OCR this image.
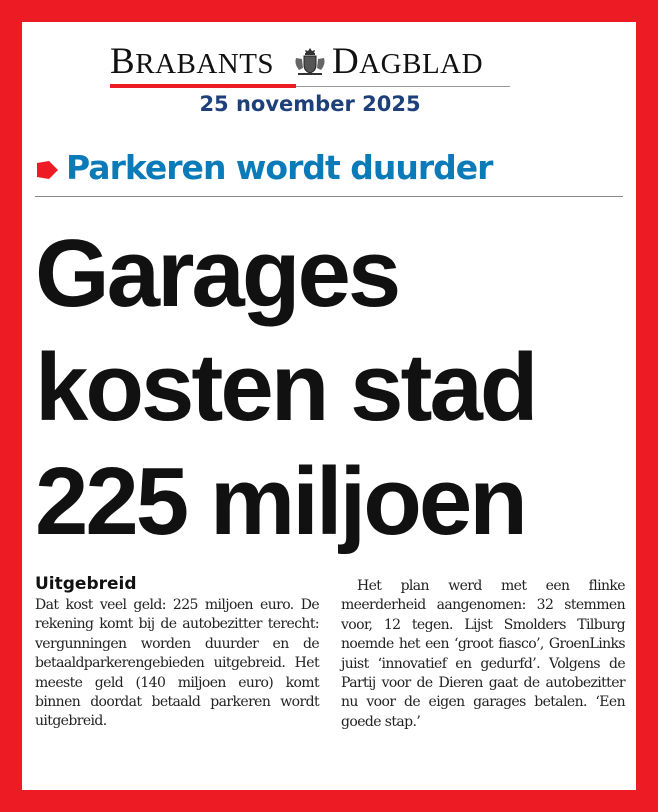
BRABANTS DAGBLAD
25 november 2025
Parkeren wordt duurder
Garages
kosten stad
225 miljoen
Uitgebreid
Dat kost veel geld: 225 miljoen euro. De rekening komt bij de autobezitter terecht: vergunningen worden duurder en de betaaldparkerengebieden uitgebreid. Het meeste geld (140 miljoen euro) komt binnen doordat betaald parkeren wordt uitgebreid.
Het plan werd met een flinke meerderheid aangenomen: 32 stemmen voor, 12 tegen. Lijst Smolders Tilburg noemde het een ‘groot fiasco’, GroenLinks juist ‘innovatief en gedurfd’. Volgens de Partij voor de Dieren gaat de autobezitter nu voor de eigen garages betalen. ‘Een goede stap.’
